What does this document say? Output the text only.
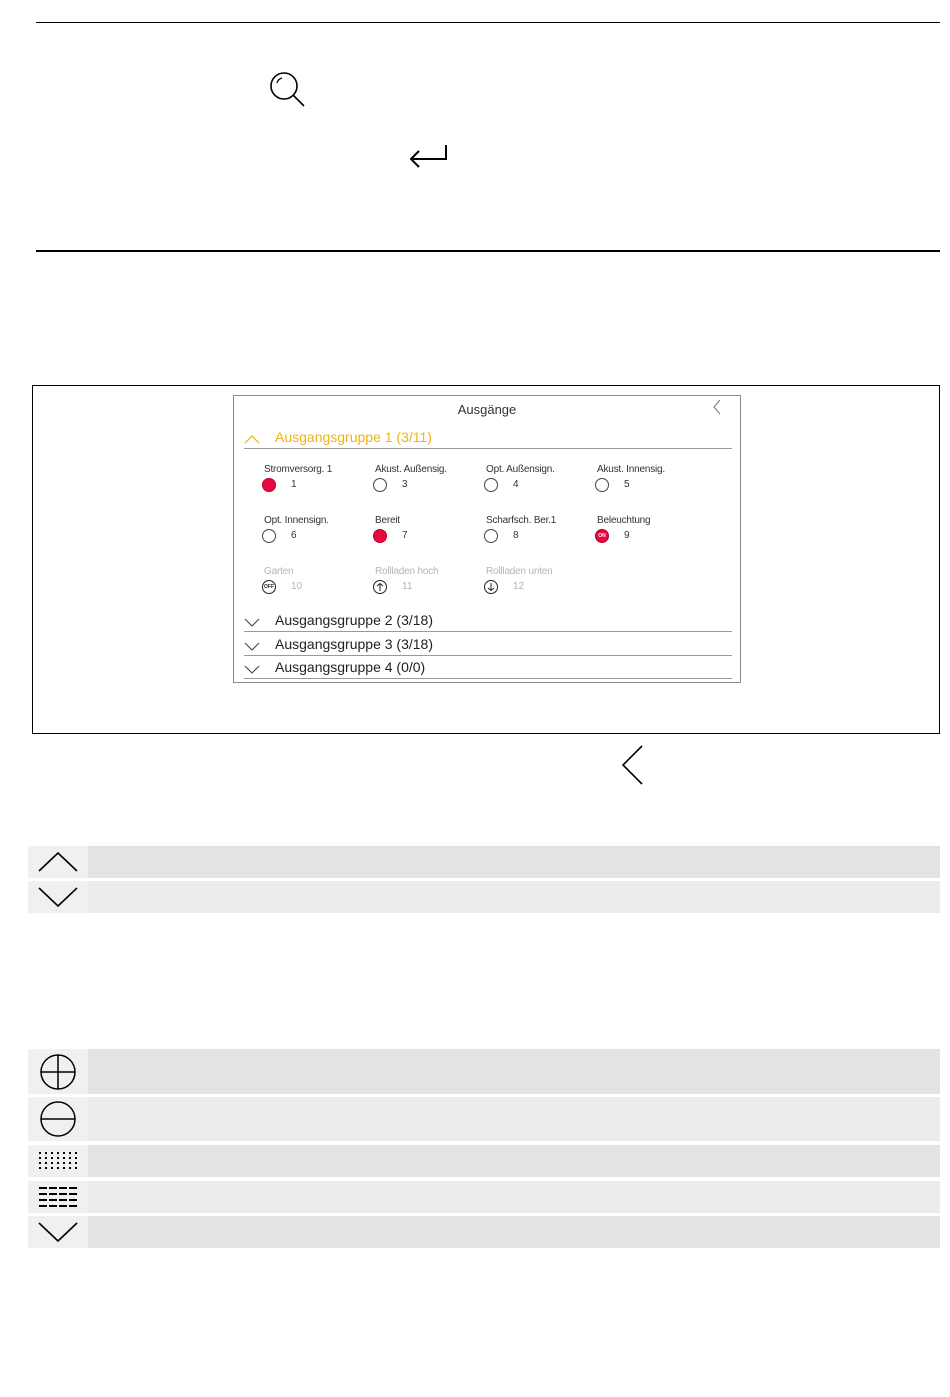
Ausgänge
Ausgangsgruppe 1 (3/11)
Stromversorg. 1
1
Akust. Außensig.
3
Opt. Außensign.
4
Akust. Innensig.
5
Opt. Innensign.
6
Bereit
7
Scharfsch. Ber.1
8
Beleuchtung
ON	9
Garten
OFF 10
Rollladen hoch
11
Rollladen unten
12
Ausgangsgruppe 2 (3/18)
Ausgangsgruppe 3 (3/18)
Ausgangsgruppe 4 (0/0)
